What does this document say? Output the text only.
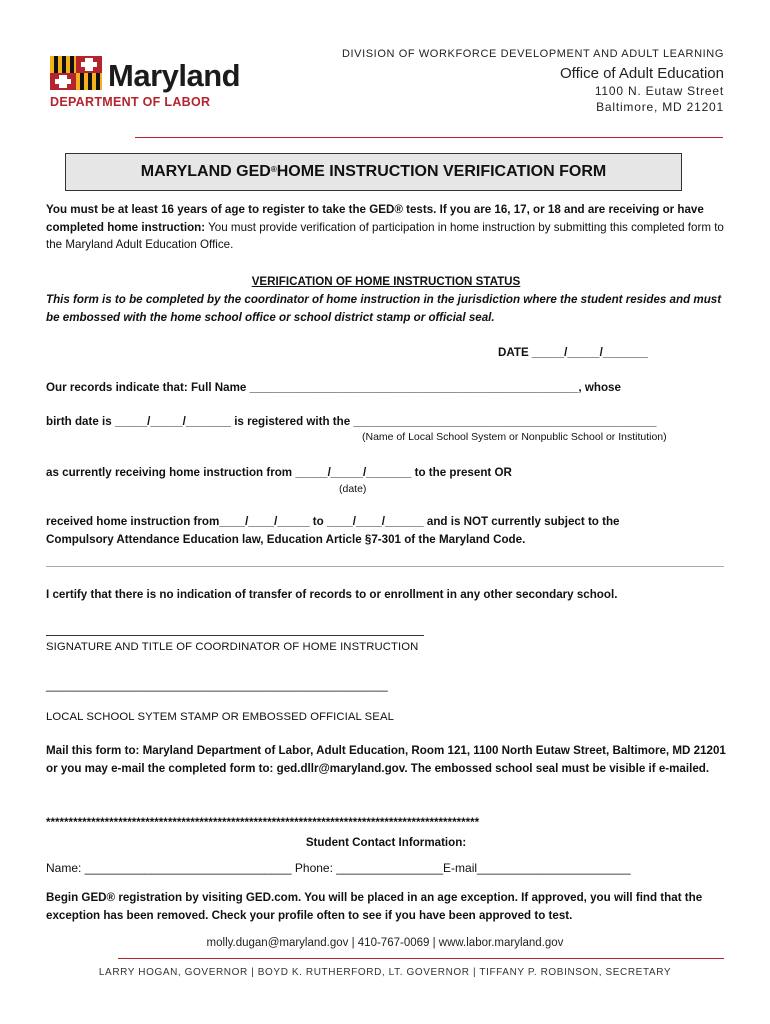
Maryland
DEPARTMENT OF LABOR
DIVISION OF WORKFORCE DEVELOPMENT AND ADULT LEARNING
Office of Adult Education
1100 N. Eutaw Street
Baltimore, MD 21201
MARYLAND GED® HOME INSTRUCTION VERIFICATION FORM
You must be at least 16 years of age to register to take the GED® tests. If you are 16, 17, or 18 and are receiving or have completed home instruction: You must provide verification of participation in home instruction by submitting this completed form to the Maryland Adult Education Office.
VERIFICATION OF HOME INSTRUCTION STATUS
This form is to be completed by the coordinator of home instruction in the jurisdiction where the student resides and must be embossed with the home school office or school district stamp or official seal.
DATE _____/_____/_______
Our records indicate that: Full Name ___________________________________________________, whose
birth date is _____/_____/_______ is registered with the _______________________________________________
(Name of Local School System or Nonpublic School or Institution)
as currently receiving home instruction from _____/_____/_______ to the present OR
(date)
received home instruction from____/____/_____ to ____/____/______ and is NOT currently subject to the
Compulsory Attendance Education law, Education Article §7-301 of the Maryland Code.
I certify that there is no indication of transfer of records to or enrollment in any other secondary school.
SIGNATURE AND TITLE OF COORDINATOR OF HOME INSTRUCTION
_____________________________________________________
LOCAL SCHOOL SYTEM STAMP OR EMBOSSED OFFICIAL SEAL
Mail this form to: Maryland Department of Labor, Adult Education, Room 121, 1100 North Eutaw Street, Baltimore, MD 21201 or you may e-mail the completed form to: ged.dllr@maryland.gov. The embossed school seal must be visible if e-mailed.
************************************************************************************************
Student Contact Information:
Name: _______________________________ Phone: ________________E-mail_______________________
Begin GED® registration by visiting GED.com. You will be placed in an age exception. If approved, you will find that the exception has been removed. Check your profile often to see if you have been approved to test.
molly.dugan@maryland.gov | 410-767-0069 | www.labor.maryland.gov
LARRY HOGAN, GOVERNOR | BOYD K. RUTHERFORD, LT. GOVERNOR | TIFFANY P. ROBINSON, SECRETARY
